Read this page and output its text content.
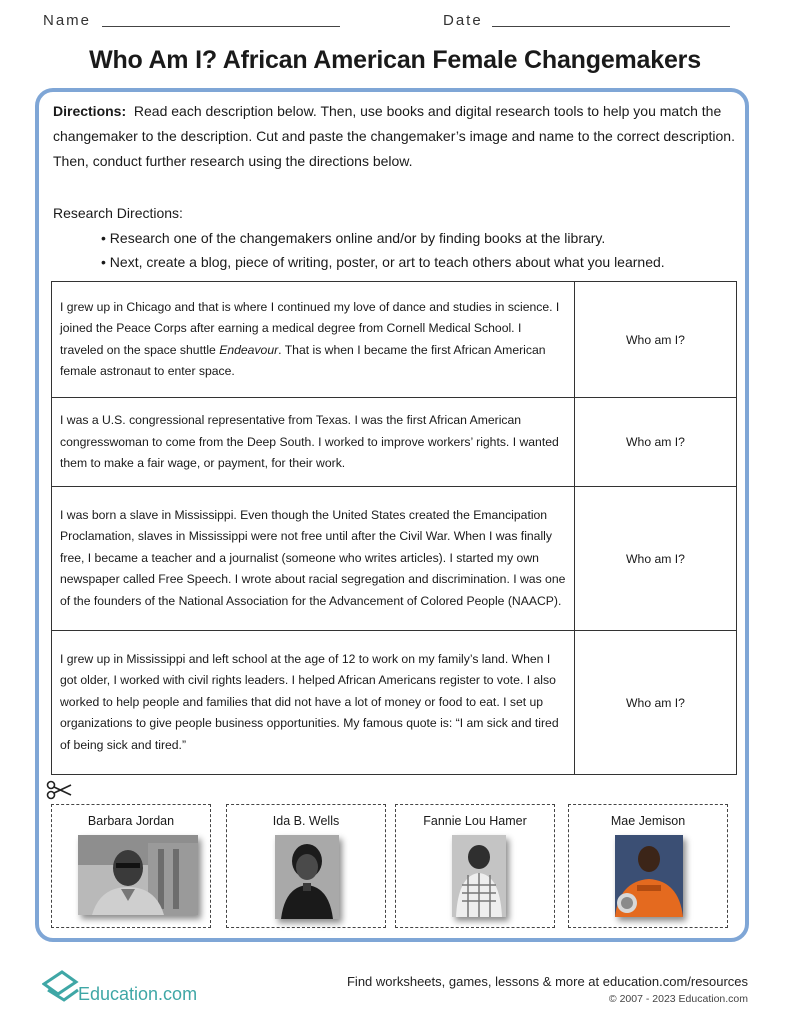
Name	Date
Who Am I? African American Female Changemakers
Directions: Read each description below. Then, use books and digital research tools to help you match the changemaker to the description. Cut and paste the changemaker’s image and name to the correct description. Then, conduct further research using the directions below.
Research Directions:
• Research one of the changemakers online and/or by finding books at the library.
• Next, create a blog, piece of writing, poster, or art to teach others about what you learned.
I grew up in Chicago and that is where I continued my love of dance and studies in science. I joined the Peace Corps after earning a medical degree from Cornell Medical School. I traveled on the space shuttle Endeavour. That is when I became the first African American female astronaut to enter space.	Who am I?
I was a U.S. congressional representative from Texas. I was the first African American congresswoman to come from the Deep South. I worked to improve workers’ rights. I wanted them to make a fair wage, or payment, for their work.	Who am I?
I was born a slave in Mississippi. Even though the United States created the Emancipation Proclamation, slaves in Mississippi were not free until after the Civil War. When I was finally free, I became a teacher and a journalist (someone who writes articles). I started my own newspaper called Free Speech. I wrote about racial segregation and discrimination. I was one of the founders of the National Association for the Advancement of Colored People (NAACP).	Who am I?
I grew up in Mississippi and left school at the age of 12 to work on my family’s land. When I got older, I worked with civil rights leaders. I helped African Americans register to vote. I also worked to help people and families that did not have a lot of money or food to eat. I set up organizations to give people business opportunities. My famous quote is: “I am sick and tired of being sick and tired.”	Who am I?
Barbara Jordan	Ida B. Wells	Fannie Lou Hamer	Mae Jemison
Education.com
Find worksheets, games, lessons & more at education.com/resources
© 2007 - 2023 Education.com
